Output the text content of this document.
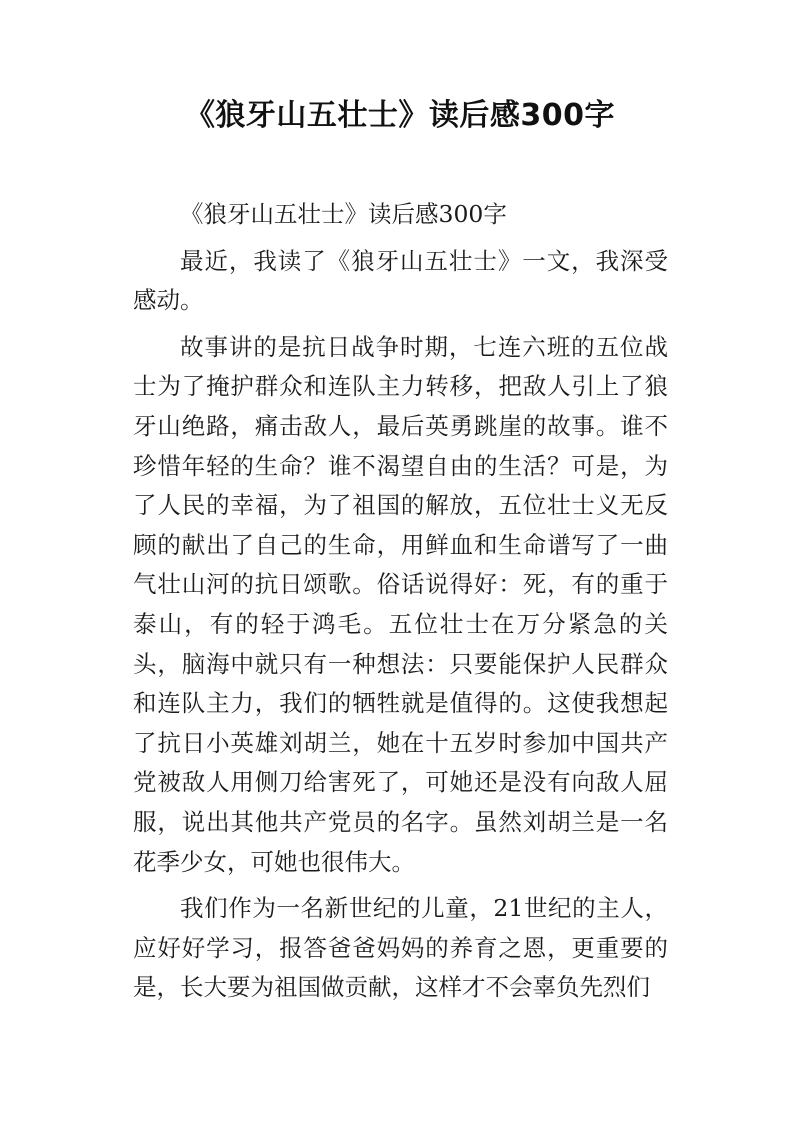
《狼牙山五壮士》读后感300字

《狼牙山五壮士》读后感300字

最近，我读了《狼牙山五壮士》一文，我深受感动。

故事讲的是抗日战争时期，七连六班的五位战士为了掩护群众和连队主力转移，把敌人引上了狼牙山绝路，痛击敌人，最后英勇跳崖的故事。谁不珍惜年轻的生命？谁不渴望自由的生活？可是，为了人民的幸福，为了祖国的解放，五位壮士义无反顾的献出了自己的生命，用鲜血和生命谱写了一曲气壮山河的抗日颂歌。俗话说得好：死，有的重于泰山，有的轻于鸿毛。五位壮士在万分紧急的关头，脑海中就只有一种想法：只要能保护人民群众和连队主力，我们的牺牲就是值得的。这使我想起了抗日小英雄刘胡兰，她在十五岁时参加中国共产党被敌人用侧刀给害死了，可她还是没有向敌人屈服，说出其他共产党员的名字。虽然刘胡兰是一名花季少女，可她也很伟大。

我们作为一名新世纪的儿童，21世纪的主人，应好好学习，报答爸爸妈妈的养育之恩，更重要的是，长大要为祖国做贡献，这样才不会辜负先烈们
